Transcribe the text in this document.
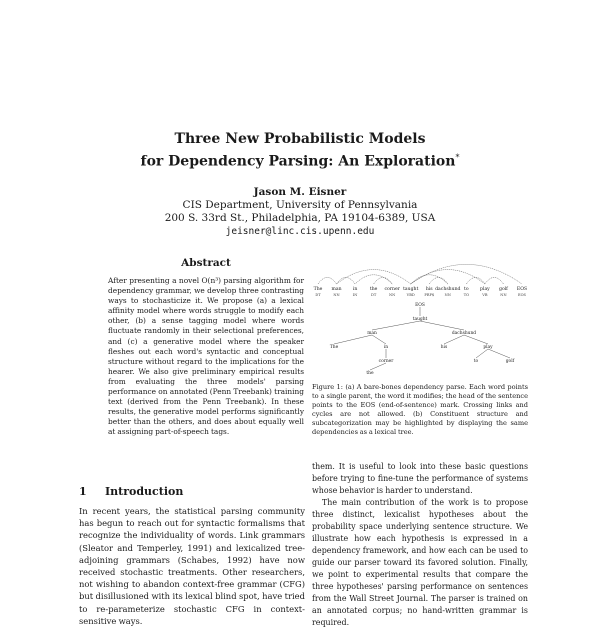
Three New Probabilistic Models
for Dependency Parsing: An Exploration*
Jason M. Eisner
CIS Department, University of Pennsylvania
200 S. 33rd St., Philadelphia, PA 19104-6389, USA
jeisner@linc.cis.upenn.edu
Abstract
After presenting a novel O(n³) parsing algorithm for dependency grammar, we develop three contrasting ways to stochasticize it. We propose (a) a lexical affinity model where words struggle to modify each other, (b) a sense tagging model where words fluctuate randomly in their selectional preferences, and (c) a generative model where the speaker fleshes out each word's syntactic and conceptual structure without regard to the implications for the hearer. We also give preliminary empirical results from evaluating the three models' parsing performance on annotated (Penn Treebank) training text (derived from the Penn Treebank). In these results, the generative model performs significantly better than the others, and does about equally well at assigning part-of-speech tags.
1 Introduction
In recent years, the statistical parsing community has begun to reach out for syntactic formalisms that recognize the individuality of words. Link grammars (Sleator and Temperley, 1991) and lexicalized tree-adjoining grammars (Schabes, 1992) have now received stochastic treatments. Other researchers, not wishing to abandon context-free grammar (CFG) but disillusioned with its lexical blind spot, have tried to re-parameterize stochastic CFG in context-sensitive ways.
The
DT
man
NN
in
IN
the
DT
corner
NN
taught
VBD
his
PRP$
dachshund
NN
to
TO
play
VB
golf
NN
EOS
EOS
EOS
taught
man	dachshund
play
The	in	his
to	golf
corner
the
Figure 1: (a) A bare-bones dependency parse. Each word points to a single parent, the word it modifies; the head of the sentence points to the EOS (end-of-sentence) mark. Crossing links and cycles are not allowed. (b) Constituent structure and subcategorization may be highlighted by displaying the same dependencies as a lexical tree.

them. It is useful to look into these basic questions before trying to fine-tune the performance of systems whose behavior is harder to understand.

The main contribution of the work is to propose three distinct, lexicalist hypotheses about the probability space underlying sentence structure. We illustrate how each hypothesis is expressed in a dependency framework, and how each can be used to guide our parser toward its favored solution. Finally, we point to experimental results that compare the three hypotheses' parsing performance on sentences from the Wall Street Journal. The parser is trained on an annotated corpus; no hand-written grammar is required.
